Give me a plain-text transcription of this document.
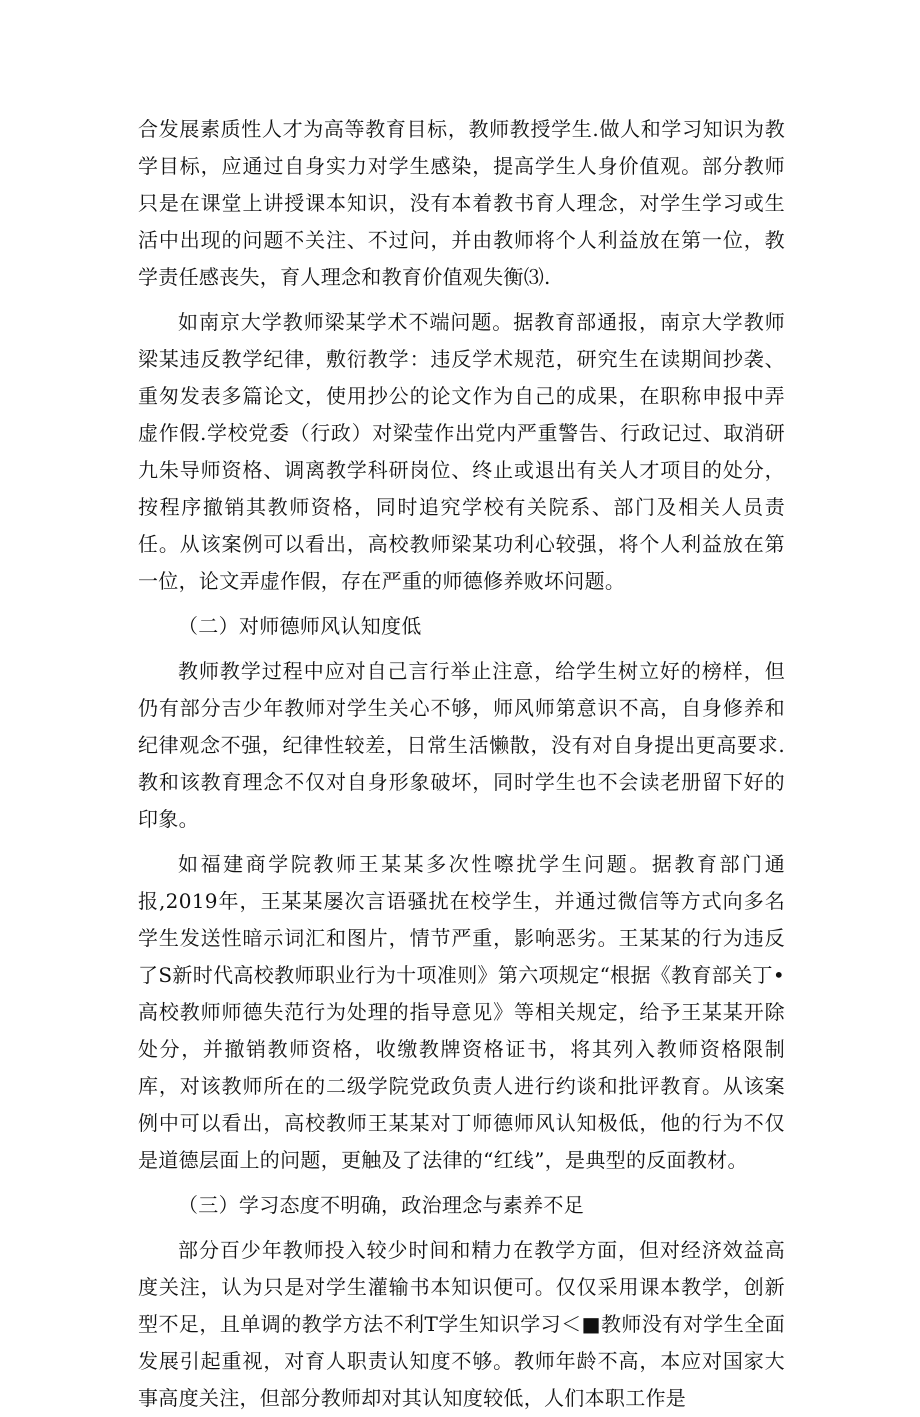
合发展素质性人才为高等教育目标，教师教授学生.做人和学习知识为教学目标，应通过自身实力对学生感染，提高学生人身价值观。部分教师只是在课堂上讲授课本知识，没有本着教书育人理念，对学生学习或生活中出现的问题不关注、不过问，并由教师将个人利益放在第一位，教学责任感丧失，育人理念和教育价值观失衡⑶.

如南京大学教师梁某学术不端问题。据教育部通报，南京大学教师梁某违反教学纪律，敷衍教学：违反学术规范，研究生在读期间抄袭、重匆发表多篇论文，使用抄公的论文作为自己的成果，在职称申报中弄虚作假.学校党委（行政）对梁莹作出党内严重警告、行政记过、取消研九朱导师资格、调离教学科研岗位、终止或退出有关人才项目的处分，按程序撤销其教师资格，同时追究学校有关院系、部门及相关人员责任。从该案例可以看出，高校教师梁某功利心较强，将个人利益放在第一位，论文弄虚作假，存在严重的师德修养败坏问题。

（二）对师德师风认知度低

教师教学过程中应对自己言行举止注意，给学生树立好的榜样，但仍有部分吉少年教师对学生关心不够，师风师第意识不高，自身修养和纪律观念不强，纪律性较差，日常生活懒散，没有对自身提出更高要求.教和该教育理念不仅对自身形象破坏，同时学生也不会读老册留下好的印象。

如福建商学院教师王某某多次性嚓扰学生问题。据教育部门通报,2019年，王某某屡次言语骚扰在校学生，并通过微信等方式向多名学生发送性暗示词汇和图片，情节严重，影响恶劣。王某某的行为违反了S新时代高校教师职业行为十项准则》第六项规定“根据《教育部关丁•高校教师师德失范行为处理的指导意见》等相关规定，给予王某某开除处分，并撤销教师资格，收缴教牌资格证书，将其列入教师资格限制库，对该教师所在的二级学院党政负责人进行约谈和批评教育。从该案例中可以看出，高校教师王某某对丁师德师风认知极低，他的行为不仅是道德层面上的问题，更触及了法律的“红线”，是典型的反面教材。

（三）学习态度不明确，政治理念与素养不足

部分百少年教师投入较少时间和精力在教学方面，但对经济效益高度关注，认为只是对学生灌输书本知识便可。仅仅采用课本教学，创新型不足，且单调的教学方法不利T学生知识学习＜■教师没有对学生全面发展引起重视，对育人职责认知度不够。教师年龄不高，本应对国家大事高度关注，但部分教师却对其认知度较低，人们本职工作是
